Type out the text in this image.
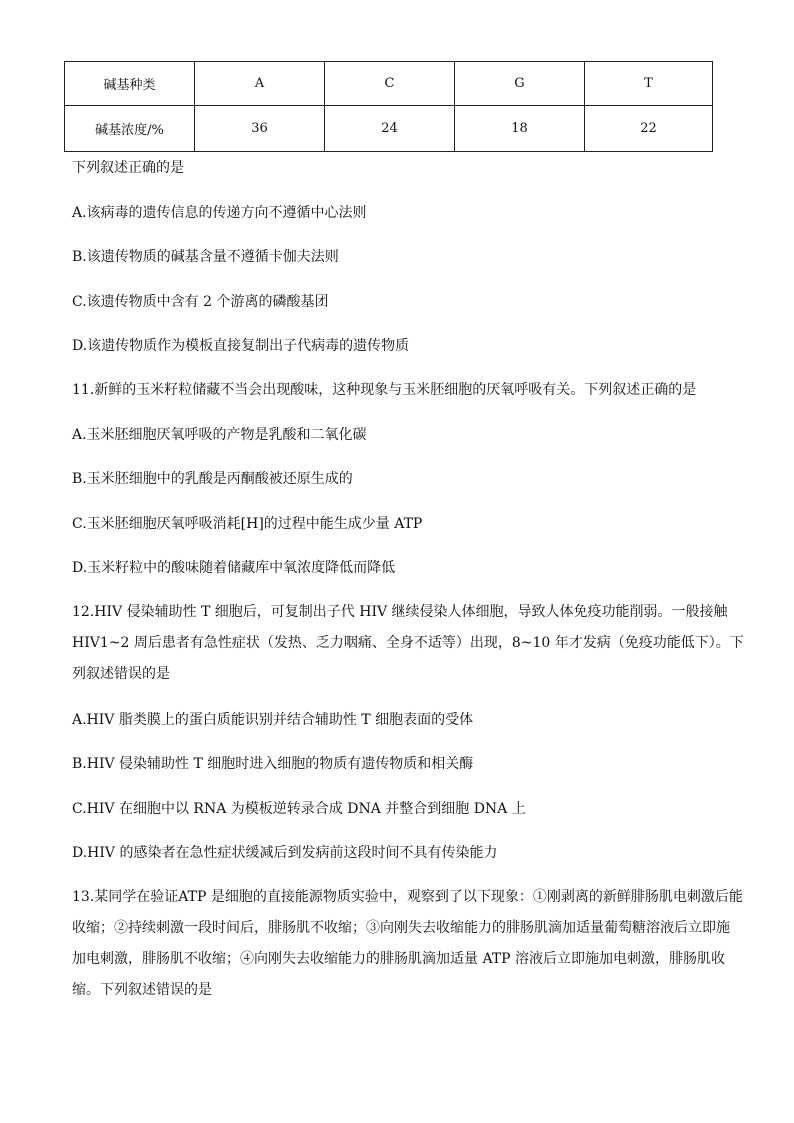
碱基种类	A	C	G	T
碱基浓度/%	36	24	18	22
下列叙述正确的是
A.该病毒的遗传信息的传递方向不遵循中心法则
B.该遗传物质的碱基含量不遵循卡伽夫法则
C.该遗传物质中含有 2 个游离的磷酸基团
D.该遗传物质作为模板直接复制出子代病毒的遗传物质
11.新鲜的玉米籽粒储藏不当会出现酸味，这种现象与玉米胚细胞的厌氧呼吸有关。下列叙述正确的是
A.玉米胚细胞厌氧呼吸的产物是乳酸和二氧化碳
B.玉米胚细胞中的乳酸是丙酮酸被还原生成的
C.玉米胚细胞厌氧呼吸消耗[H]的过程中能生成少量 ATP
D.玉米籽粒中的酸味随着储藏库中氧浓度降低而降低
12.HIV 侵染辅助性 T 细胞后，可复制出子代 HIV 继续侵染人体细胞，导致人体免疫功能削弱。一般接触
HIV1~2 周后患者有急性症状（发热、乏力咽痛、全身不适等）出现，8~10 年才发病（免疫功能低下）。下
列叙述错误的是
A.HIV 脂类膜上的蛋白质能识别并结合辅助性 T 细胞表面的受体
B.HIV 侵染辅助性 T 细胞时进入细胞的物质有遗传物质和相关酶
C.HIV 在细胞中以 RNA 为模板逆转录合成 DNA 并整合到细胞 DNA 上
D.HIV 的感染者在急性症状缓减后到发病前这段时间不具有传染能力
13.某同学在验证ATP 是细胞的直接能源物质实验中，观察到了以下现象：①刚剥离的新鲜腓肠肌电刺激后能
收缩；②持续刺激一段时间后，腓肠肌不收缩；③向刚失去收缩能力的腓肠肌滴加适量葡萄糖溶液后立即施
加电刺激，腓肠肌不收缩；④向刚失去收缩能力的腓肠肌滴加适量 ATP 溶液后立即施加电刺激，腓肠肌收
缩。下列叙述错误的是
